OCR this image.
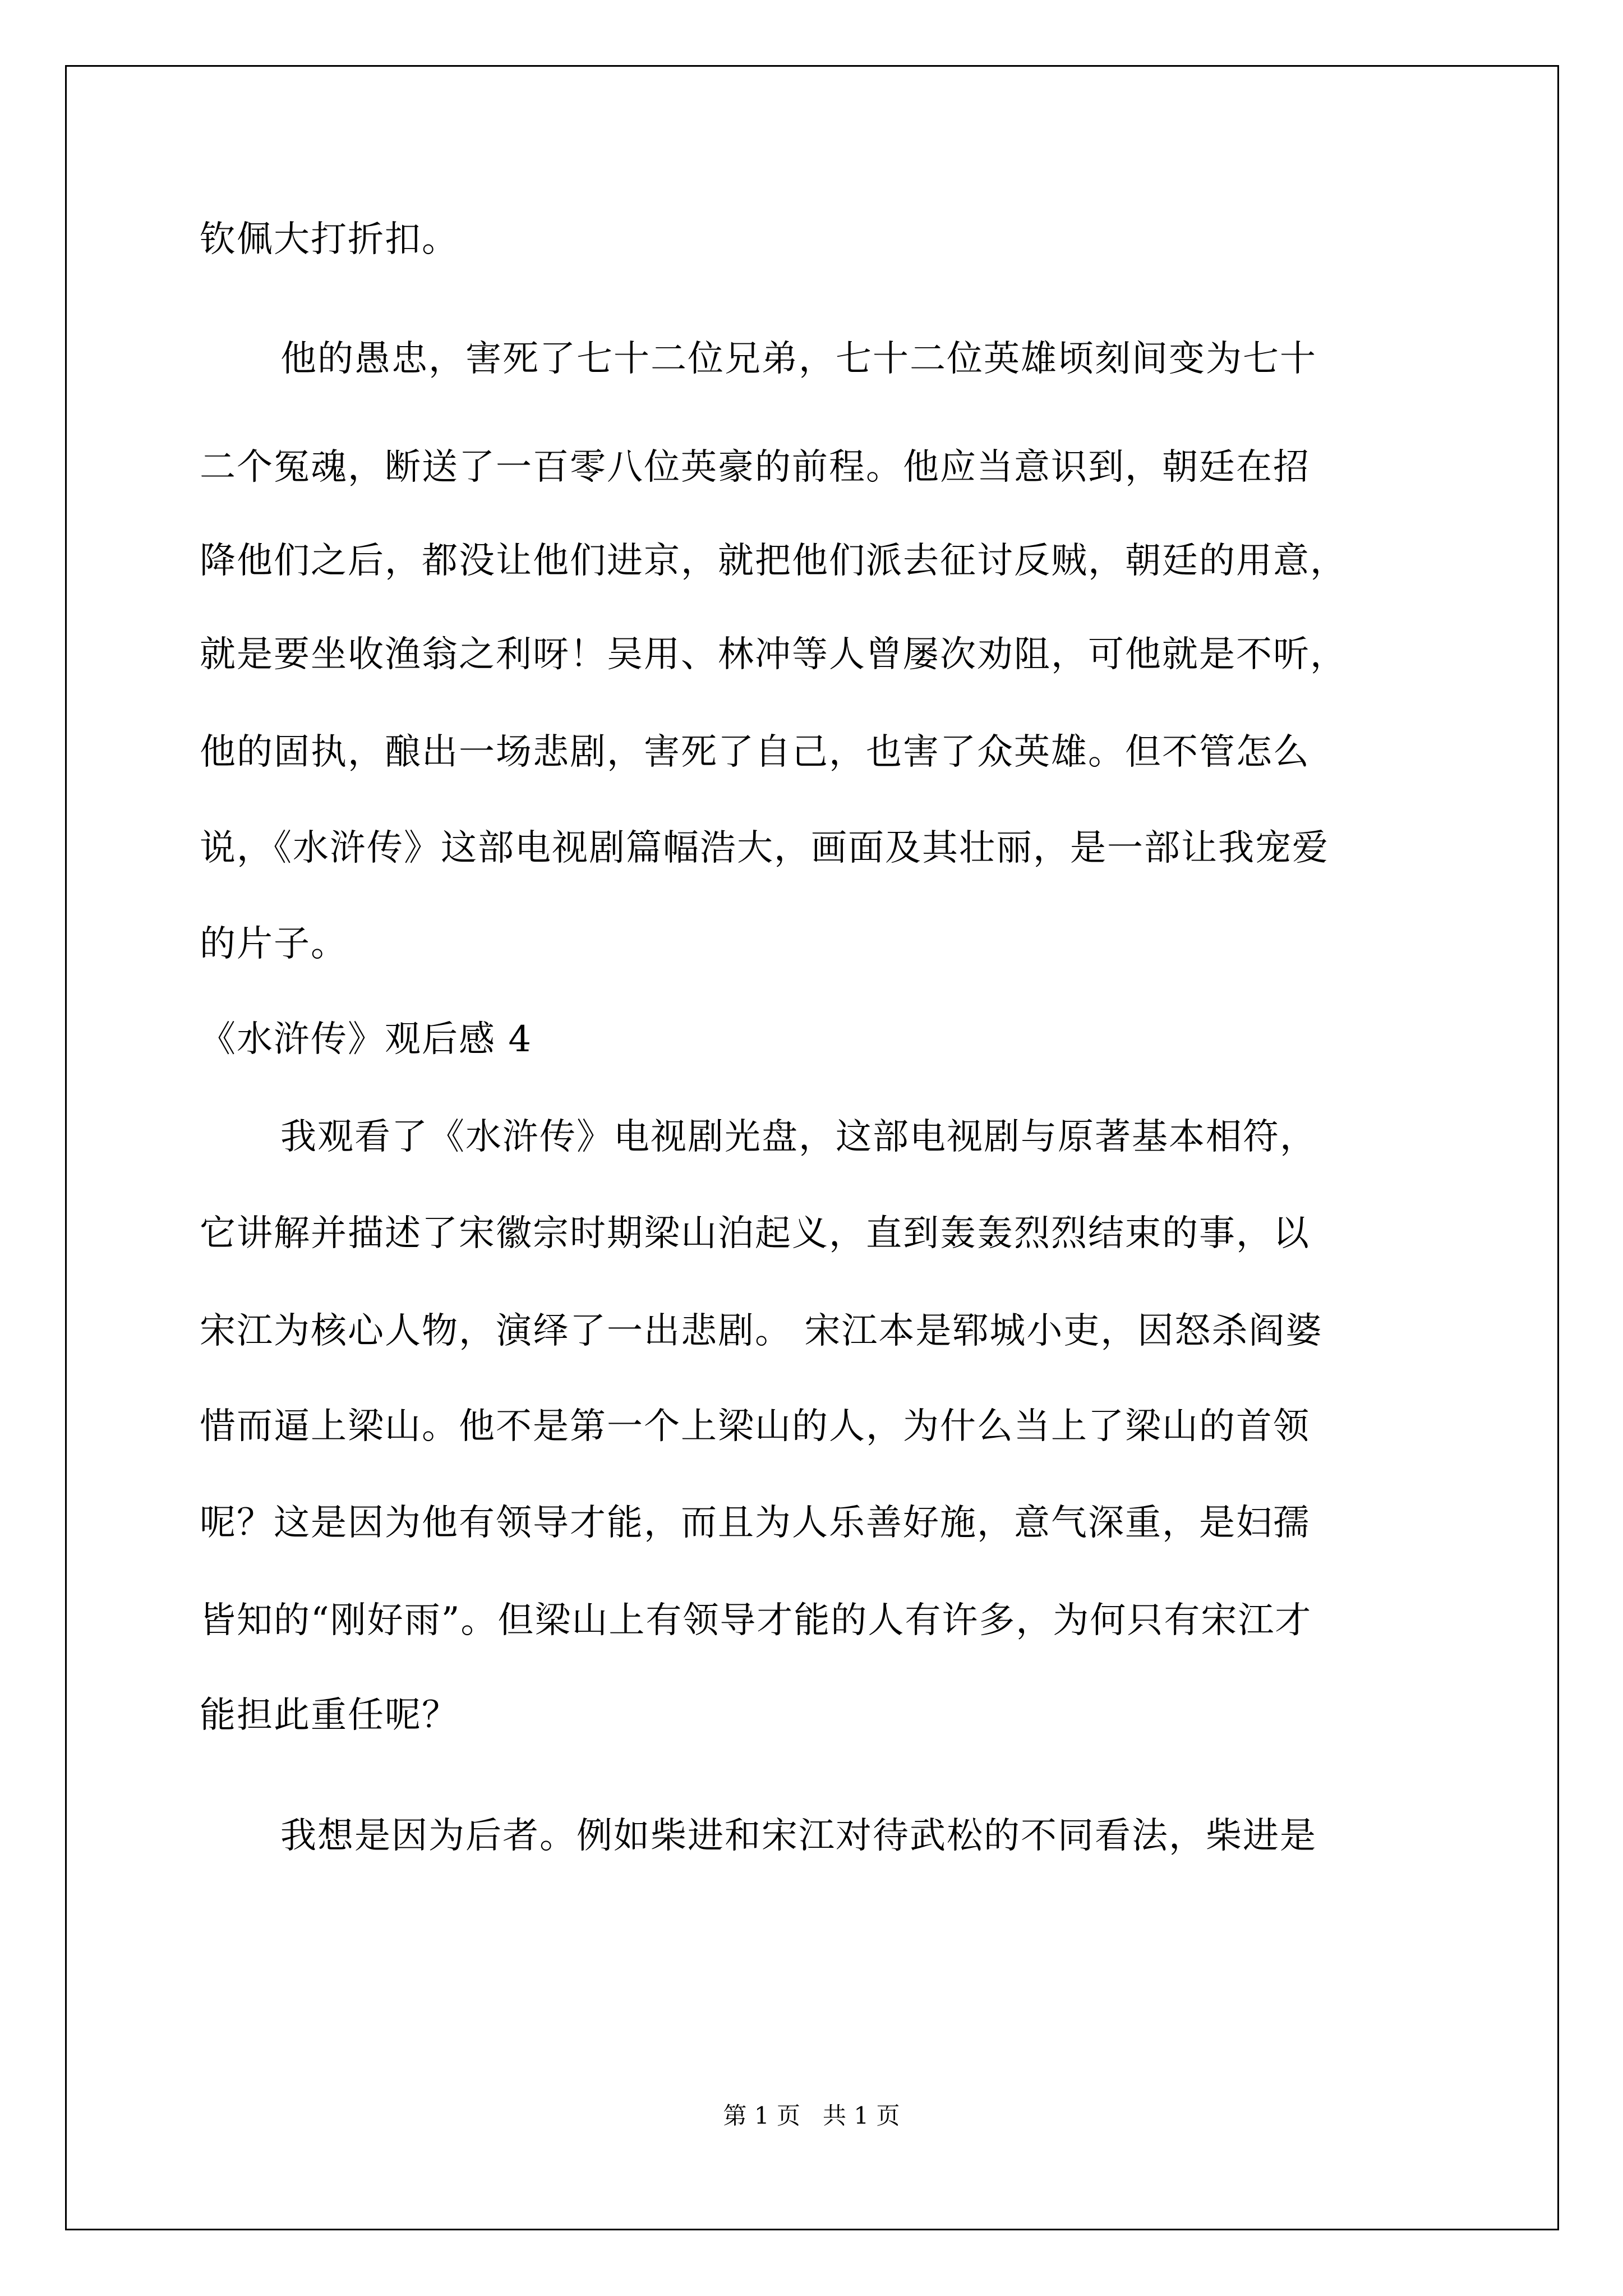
钦佩大打折扣。
他的愚忠，害死了七十二位兄弟，七十二位英雄顷刻间变为七十
二个冤魂，断送了一百零八位英豪的前程。他应当意识到，朝廷在招
降他们之后，都没让他们进京，就把他们派去征讨反贼，朝廷的用意，
就是要坐收渔翁之利呀！吴用、林冲等人曾屡次劝阻，可他就是不听，
他的固执，酿出一场悲剧，害死了自己，也害了众英雄。但不管怎么
说，《水浒传》这部电视剧篇幅浩大，画面及其壮丽，是一部让我宠爱
的片子。
《水浒传》观后感 4
我观看了《水浒传》电视剧光盘，这部电视剧与原著基本相符，
它讲解并描述了宋徽宗时期梁山泊起义，直到轰轰烈烈结束的事，以
宋江为核心人物，演绎了一出悲剧。 宋江本是郓城小吏，因怒杀阎婆
惜而逼上梁山。他不是第一个上梁山的人，为什么当上了梁山的首领
呢？这是因为他有领导才能，而且为人乐善好施，意气深重，是妇孺
皆知的“刚好雨”。但梁山上有领导才能的人有许多，为何只有宋江才
能担此重任呢？
我想是因为后者。例如柴进和宋江对待武松的不同看法，柴进是
第 1 页   共 1 页
